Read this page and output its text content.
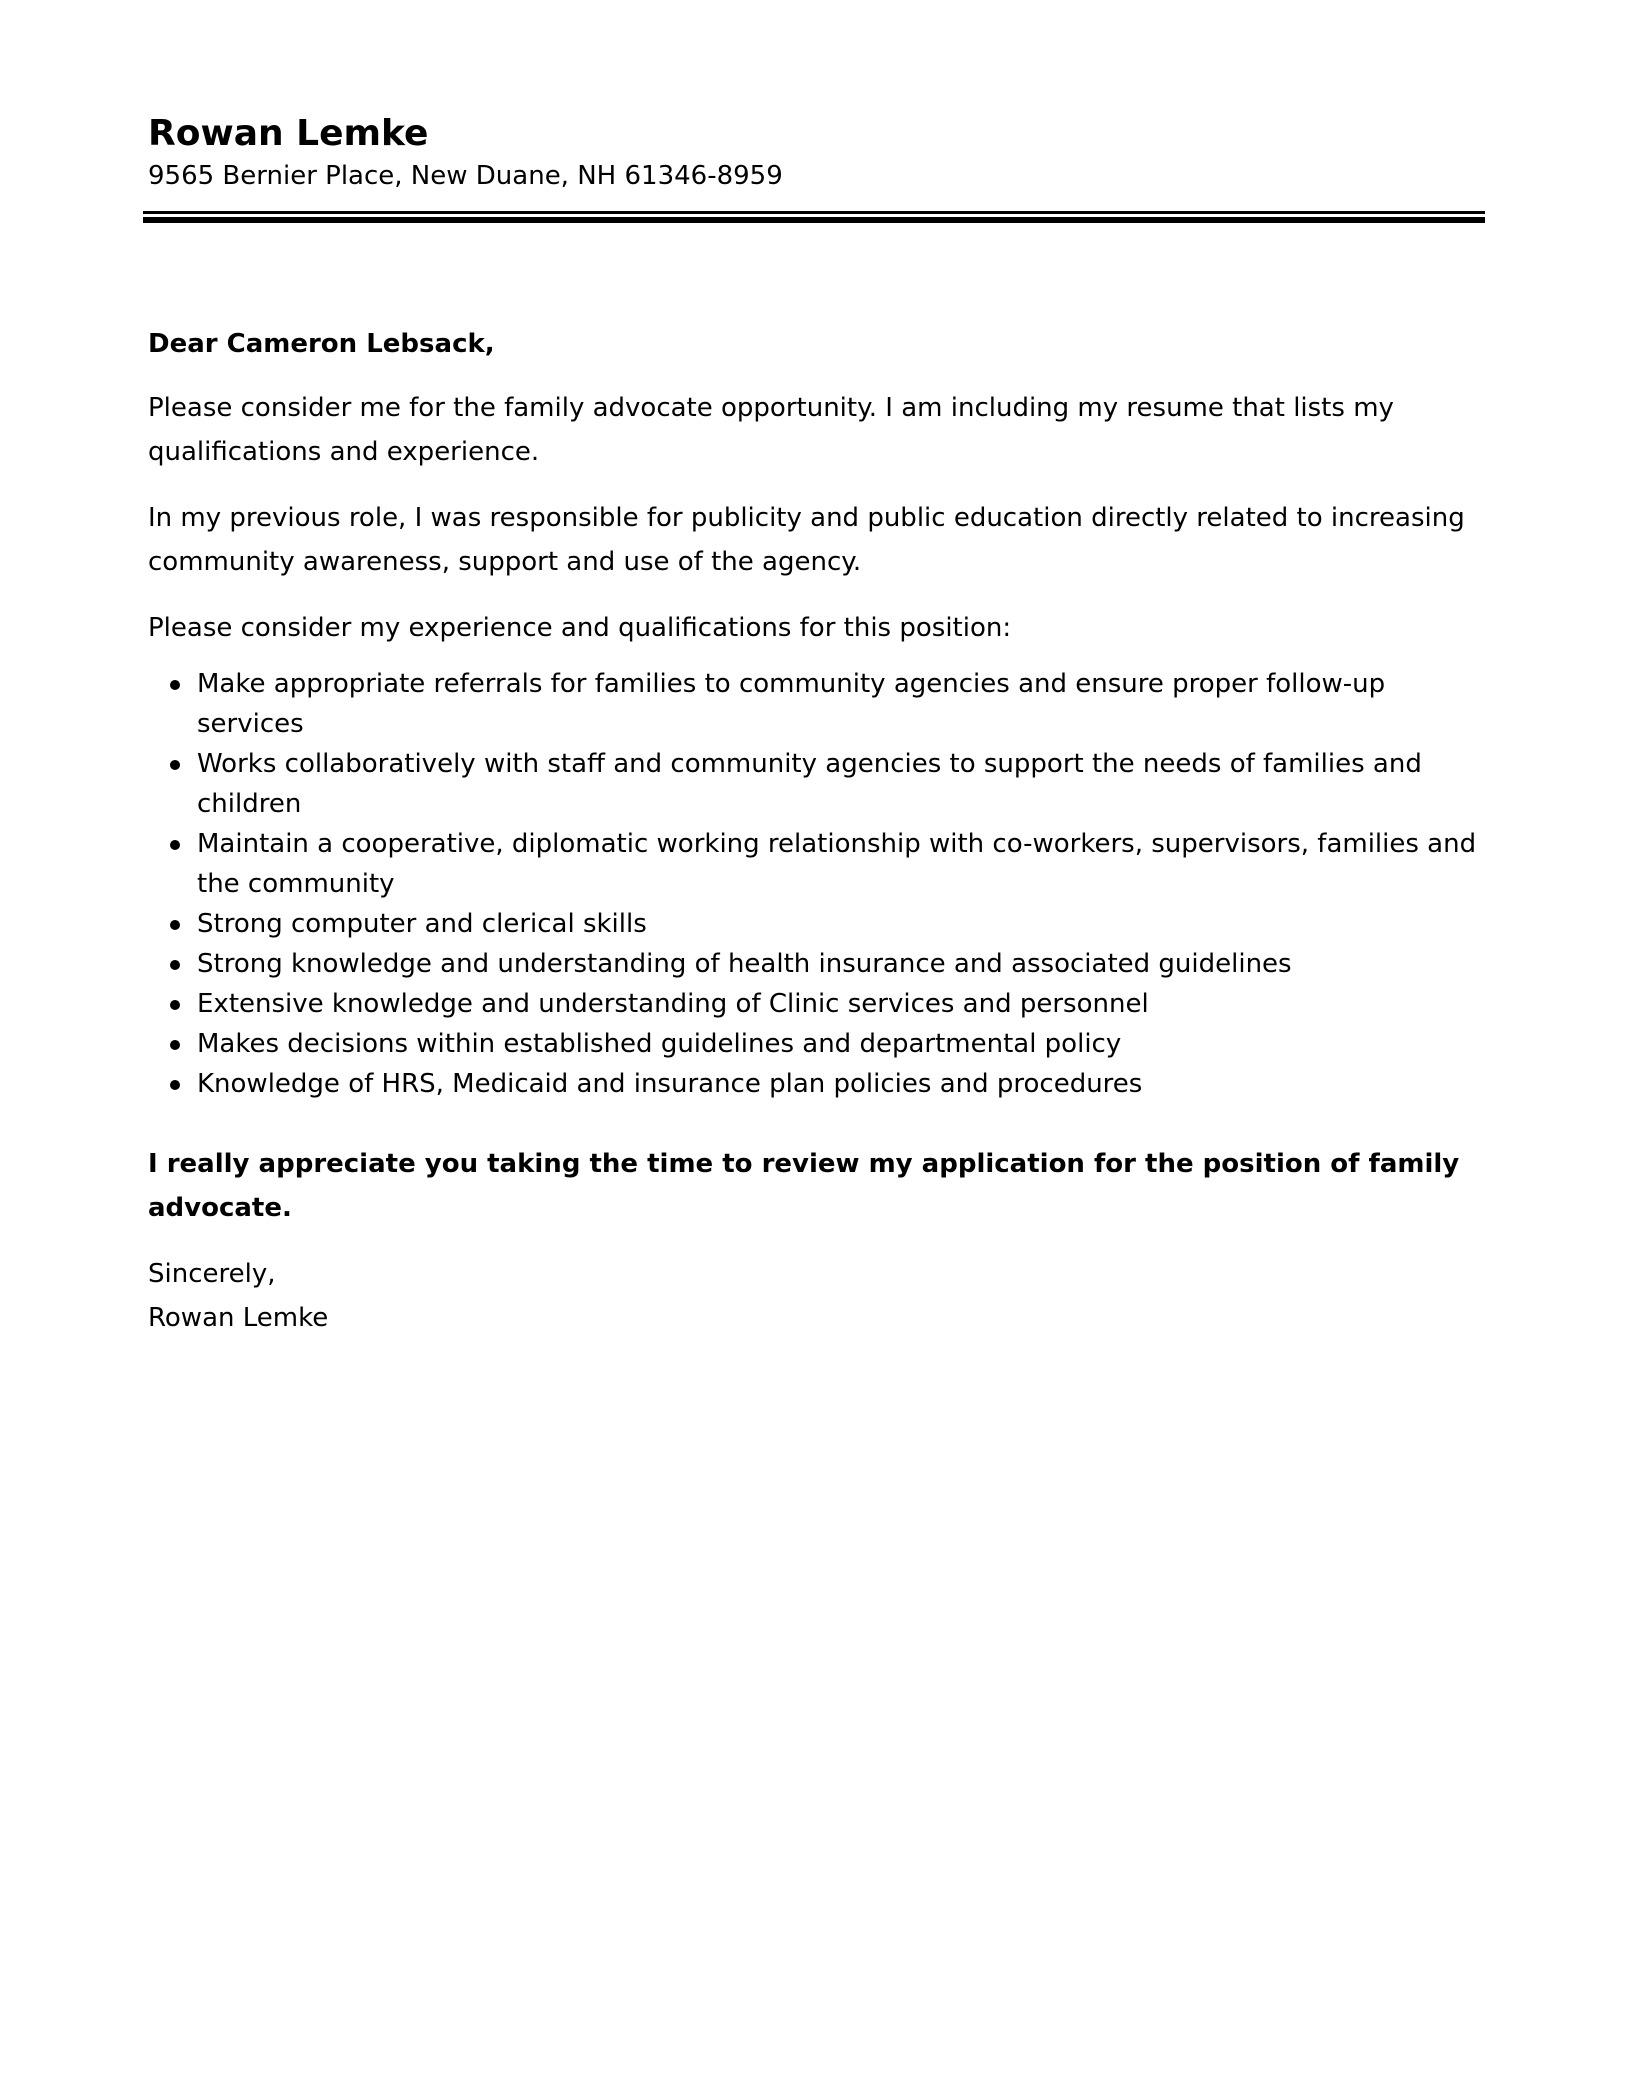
Rowan Lemke
9565 Bernier Place, New Duane, NH 61346-8959

Dear Cameron Lebsack,

Please consider me for the family advocate opportunity. I am including my resume that lists my qualifications and experience.

In my previous role, I was responsible for publicity and public education directly related to increasing community awareness, support and use of the agency.

Please consider my experience and qualifications for this position:

Make appropriate referrals for families to community agencies and ensure proper follow-up services
Works collaboratively with staff and community agencies to support the needs of families and children
Maintain a cooperative, diplomatic working relationship with co-workers, supervisors, families and the community
Strong computer and clerical skills
Strong knowledge and understanding of health insurance and associated guidelines
Extensive knowledge and understanding of Clinic services and personnel
Makes decisions within established guidelines and departmental policy
Knowledge of HRS, Medicaid and insurance plan policies and procedures

I really appreciate you taking the time to review my application for the position of family advocate.

Sincerely,

Rowan Lemke
